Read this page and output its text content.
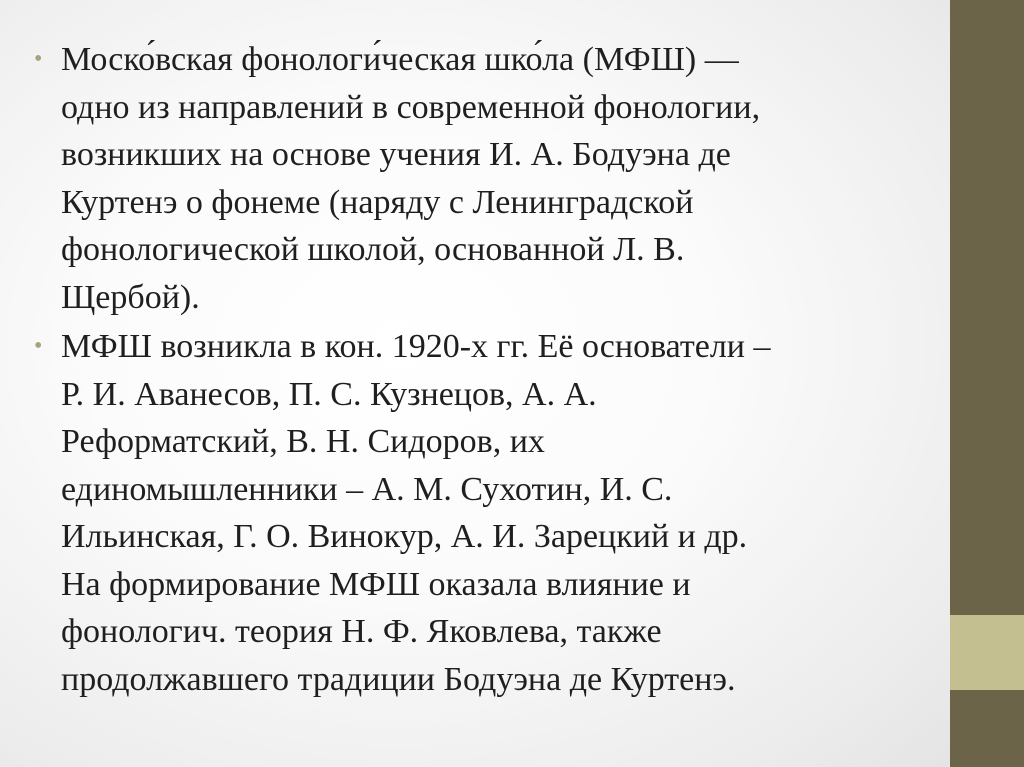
• Моско́вская фонологи́ческая шко́ла (МФШ) —
одно из направлений в современной фонологии,
возникших на основе учения И. А. Бодуэна де
Куртенэ о фонеме (наряду с Ленинградской
фонологической школой, основанной Л. В.
Щербой).
• МФШ возникла в кон. 1920-х гг. Её основатели –
Р. И. Аванесов, П. С. Кузнецов, А. А.
Реформатский, В. Н. Сидоров, их
единомышленники – А. М. Сухотин, И. С.
Ильинская, Г. О. Винокур, А. И. Зарецкий и др.
На формирование МФШ оказала влияние и
фонологич. теория Н. Ф. Яковлева, также
продолжавшего традиции Бодуэна де Куртенэ.
